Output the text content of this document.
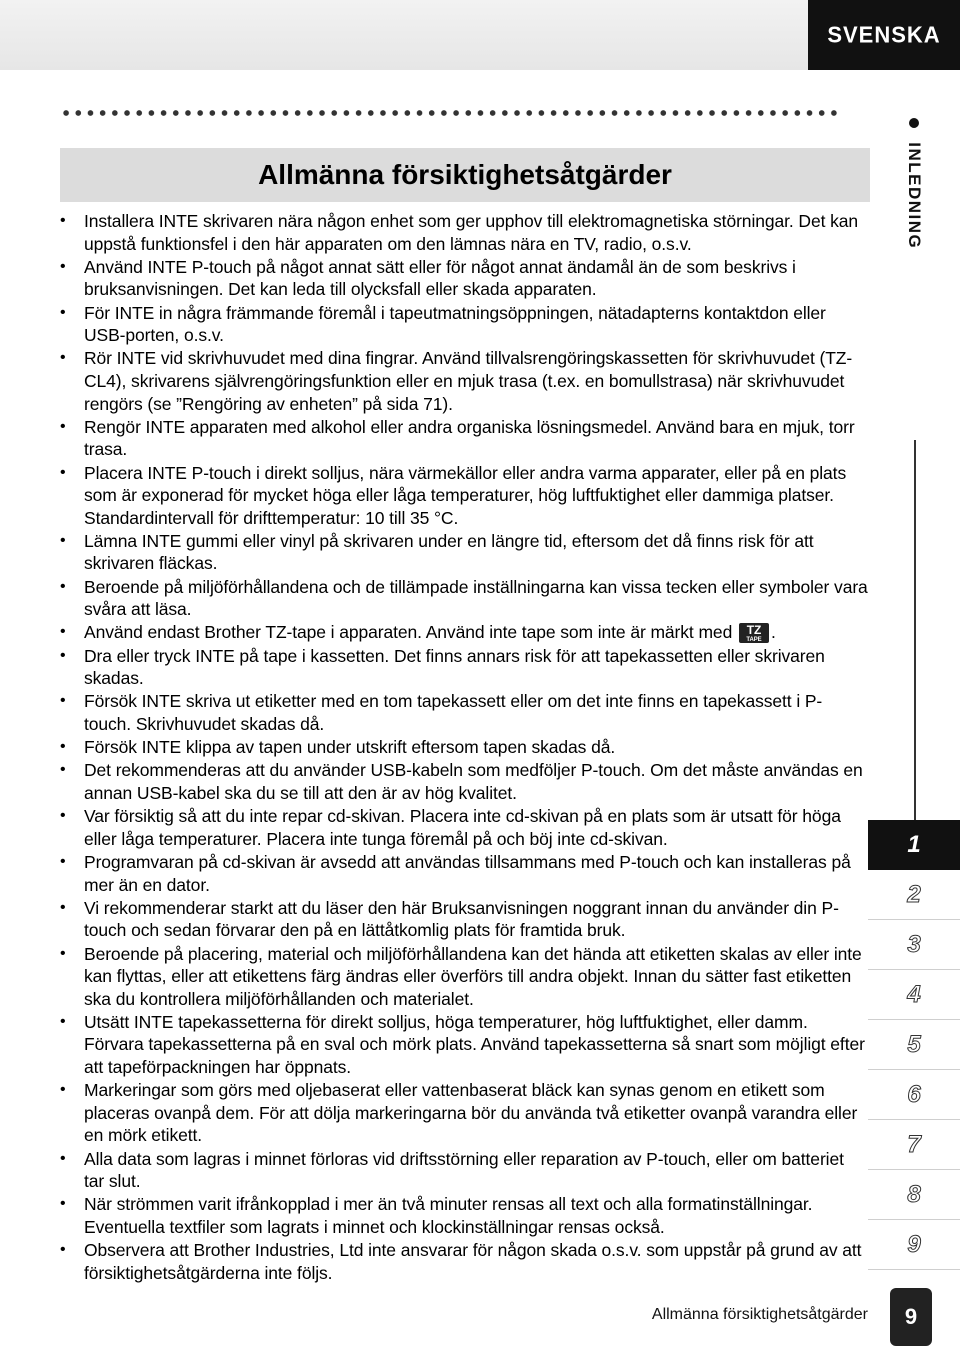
SVENSKA
Allmänna försiktighetsåtgärder
• Installera INTE skrivaren nära någon enhet som ger upphov till elektromagnetiska störningar. Det kan uppstå funktionsfel i den här apparaten om den lämnas nära en TV, radio, o.s.v.
• Använd INTE P-touch på något annat sätt eller för något annat ändamål än de som beskrivs i bruksanvisningen. Det kan leda till olycksfall eller skada apparaten.
• För INTE in några främmande föremål i tapeutmatningsöppningen, nätadapterns kontaktdon eller USB-porten, o.s.v.
• Rör INTE vid skrivhuvudet med dina fingrar. Använd tillvalsrengöringskassetten för skrivhuvudet (TZ-CL4), skrivarens självrengöringsfunktion eller en mjuk trasa (t.ex. en bomullstrasa) när skrivhuvudet rengörs (se ”Rengöring av enheten” på sida 71).
• Rengör INTE apparaten med alkohol eller andra organiska lösningsmedel. Använd bara en mjuk, torr trasa.
• Placera INTE P-touch i direkt solljus, nära värmekällor eller andra varma apparater, eller på en plats som är exponerad för mycket höga eller låga temperaturer, hög luftfuktighet eller dammiga platser. Standardintervall för drifttemperatur: 10 till 35 °C.
• Lämna INTE gummi eller vinyl på skrivaren under en längre tid, eftersom det då finns risk för att skrivaren fläckas.
• Beroende på miljöförhållandena och de tillämpade inställningarna kan vissa tecken eller symboler vara svåra att läsa.
• Använd endast Brother TZ-tape i apparaten. Använd inte tape som inte är märkt med TZ
TAPE .
• Dra eller tryck INTE på tape i kassetten. Det finns annars risk för att tapekassetten eller skrivaren skadas.
• Försök INTE skriva ut etiketter med en tom tapekassett eller om det inte finns en tapekassett i P-touch. Skrivhuvudet skadas då.
• Försök INTE klippa av tapen under utskrift eftersom tapen skadas då.
• Det rekommenderas att du använder USB-kabeln som medföljer P-touch. Om det måste användas en annan USB-kabel ska du se till att den är av hög kvalitet.
• Var försiktig så att du inte repar cd-skivan. Placera inte cd-skivan på en plats som är utsatt för höga eller låga temperaturer. Placera inte tunga föremål på och böj inte cd-skivan.
• Programvaran på cd-skivan är avsedd att användas tillsammans med P-touch och kan installeras på mer än en dator.
• Vi rekommenderar starkt att du läser den här Bruksanvisningen noggrant innan du använder din P-touch och sedan förvarar den på en lättåtkomlig plats för framtida bruk.
• Beroende på placering, material och miljöförhållandena kan det hända att etiketten skalas av eller inte kan flyttas, eller att etikettens färg ändras eller överförs till andra objekt. Innan du sätter fast etiketten ska du kontrollera miljöförhållanden och materialet.
• Utsätt INTE tapekassetterna för direkt solljus, höga temperaturer, hög luftfuktighet, eller damm. Förvara tapekassetterna på en sval och mörk plats. Använd tapekassetterna så snart som möjligt efter att tapeförpackningen har öppnats.
• Markeringar som görs med oljebaserat eller vattenbaserat bläck kan synas genom en etikett som placeras ovanpå dem. För att dölja markeringarna bör du använda två etiketter ovanpå varandra eller en mörk etikett.
• Alla data som lagras i minnet förloras vid driftsstörning eller reparation av P-touch, eller om batteriet tar slut.
• När strömmen varit ifrånkopplad i mer än två minuter rensas all text och alla formatinställningar. Eventuella textfiler som lagrats i minnet och klockinställningar rensas också.
• Observera att Brother Industries, Ltd inte ansvarar för någon skada o.s.v. som uppstår på grund av att försiktighetsåtgärderna inte följs.
INLEDNING
1
2
3
4
5
6
7
8
9
Allmänna försiktighetsåtgärder	9
